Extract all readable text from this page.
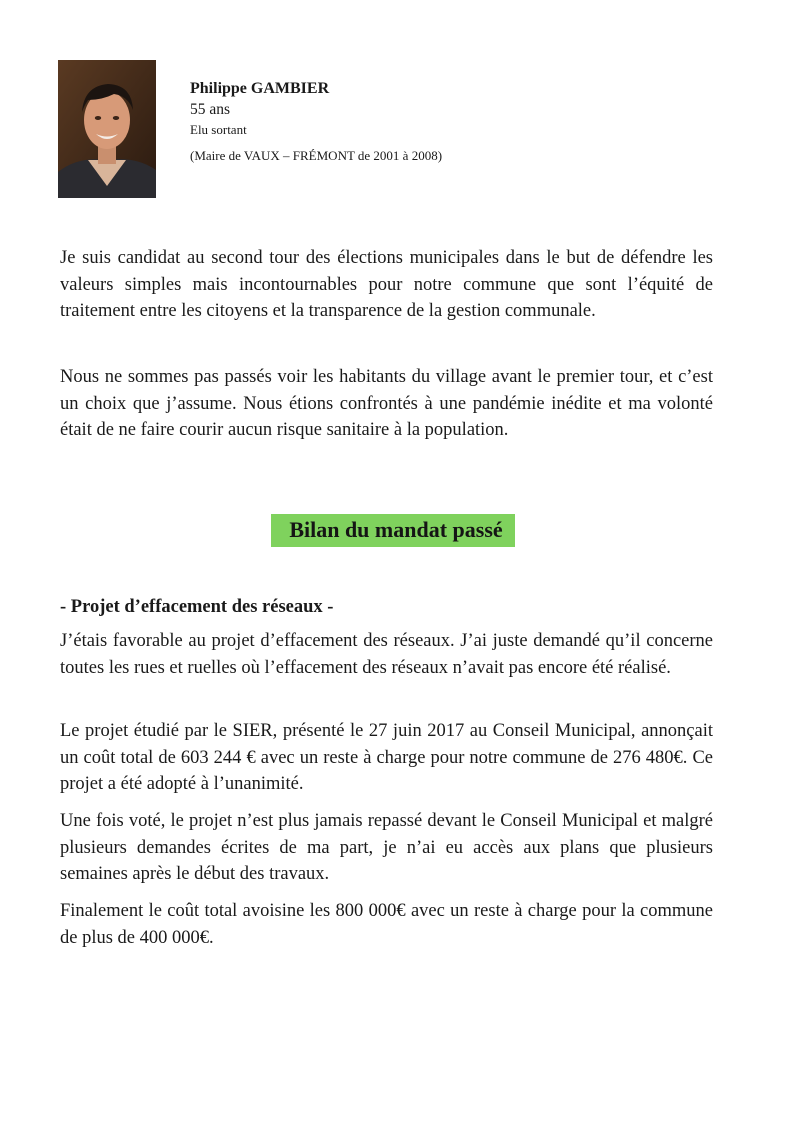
Philippe GAMBIER

55 ans

Elu sortant

(Maire de VAUX – FRÉMONT de 2001 à 2008)

Je suis candidat au second tour des élections municipales dans le but de défendre les valeurs simples mais incontournables pour notre commune que sont l’équité de traitement entre les citoyens et la transparence de la gestion communale.

Nous ne sommes pas passés voir les habitants du village avant le premier tour, et c’est un choix que j’assume. Nous étions confrontés à une pandémie inédite et ma volonté était de ne faire courir aucun risque sanitaire à la population.

Bilan du mandat passé

- Projet d’effacement des réseaux -

J’étais favorable au projet d’effacement des réseaux. J’ai juste demandé qu’il concerne toutes les rues et ruelles où l’effacement des réseaux n’avait pas encore été réalisé.

Le projet étudié par le SIER, présenté le 27 juin 2017 au Conseil Municipal, annonçait un coût total de 603 244 € avec un reste à charge pour notre commune de 276 480€. Ce projet a été adopté à l’unanimité.

Une fois voté, le projet n’est plus jamais repassé devant le Conseil Municipal et malgré plusieurs demandes écrites de ma part, je n’ai eu accès aux plans que plusieurs semaines après le début des travaux.

Finalement le coût total avoisine les 800 000€ avec un reste à charge pour la commune de plus de 400 000€.
